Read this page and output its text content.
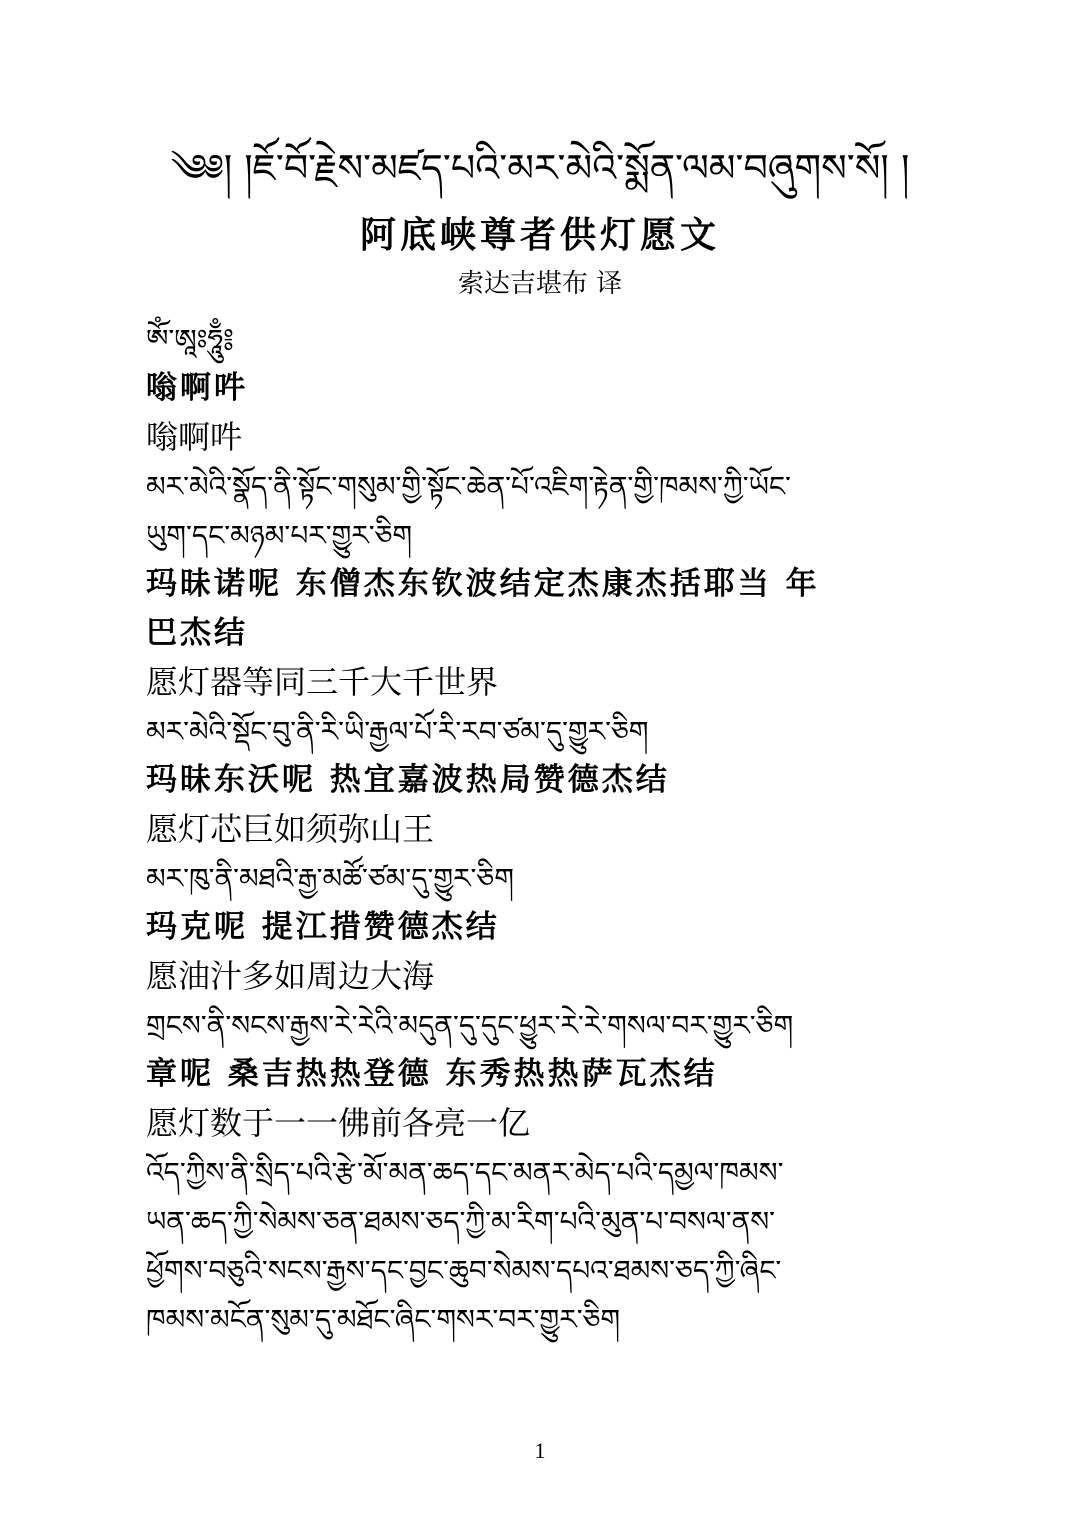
༄༅། །ཇོ་བོ་རྗེས་མཛད་པའི་མར་མེའི་སྨོན་ལམ་བཞུགས་སོ། །
阿底峡尊者供灯愿文
索达吉堪布 译
ཨོཾ་ཨཱཿཧཱུྃ༔
嗡啊吽
嗡啊吽
མར་མེའི་སྣོད་ནི་སྟོང་གསུམ་གྱི་སྟོང་ཆེན་པོ་འཇིག་རྟེན་གྱི་ཁམས་ཀྱི་ཡོང་
ཡུག་དང་མཉམ་པར་གྱུར་ཅིག
玛昧诺呢 东僧杰东钦波结定杰康杰括耶当 年
巴杰结
愿灯器等同三千大千世界
མར་མེའི་སྡོང་བུ་ནི་རི་ཡི་རྒྱལ་པོ་རི་རབ་ཙམ་དུ་གྱུར་ཅིག
玛昧东沃呢 热宜嘉波热局赞德杰结
愿灯芯巨如须弥山王
མར་ཁུ་ནི་མཐའི་རྒྱ་མཚོ་ཙམ་དུ་གྱུར་ཅིག
玛克呢 提江措赞德杰结
愿油汁多如周边大海
གྲངས་ནི་སངས་རྒྱས་རེ་རེའི་མདུན་དུ་དུང་ཕྱུར་རེ་རེ་གསལ་བར་གྱུར་ཅིག
章呢 桑吉热热登德 东秀热热萨瓦杰结
愿灯数于一一佛前各亮一亿
འོད་ཀྱིས་ནི་སྲིད་པའི་རྩེ་མོ་མན་ཆད་དང་མནར་མེད་པའི་དམྱལ་ཁམས་
ཡན་ཆད་ཀྱི་སེམས་ཅན་ཐམས་ཅད་ཀྱི་མ་རིག་པའི་མུན་པ་བསལ་ནས་
ཕྱོགས་བཅུའི་སངས་རྒྱས་དང་བྱང་ཆུབ་སེམས་དཔའ་ཐམས་ཅད་ཀྱི་ཞིང་
ཁམས་མངོན་སུམ་དུ་མཐོང་ཞིང་གསར་བར་གྱུར་ཅིག
1
